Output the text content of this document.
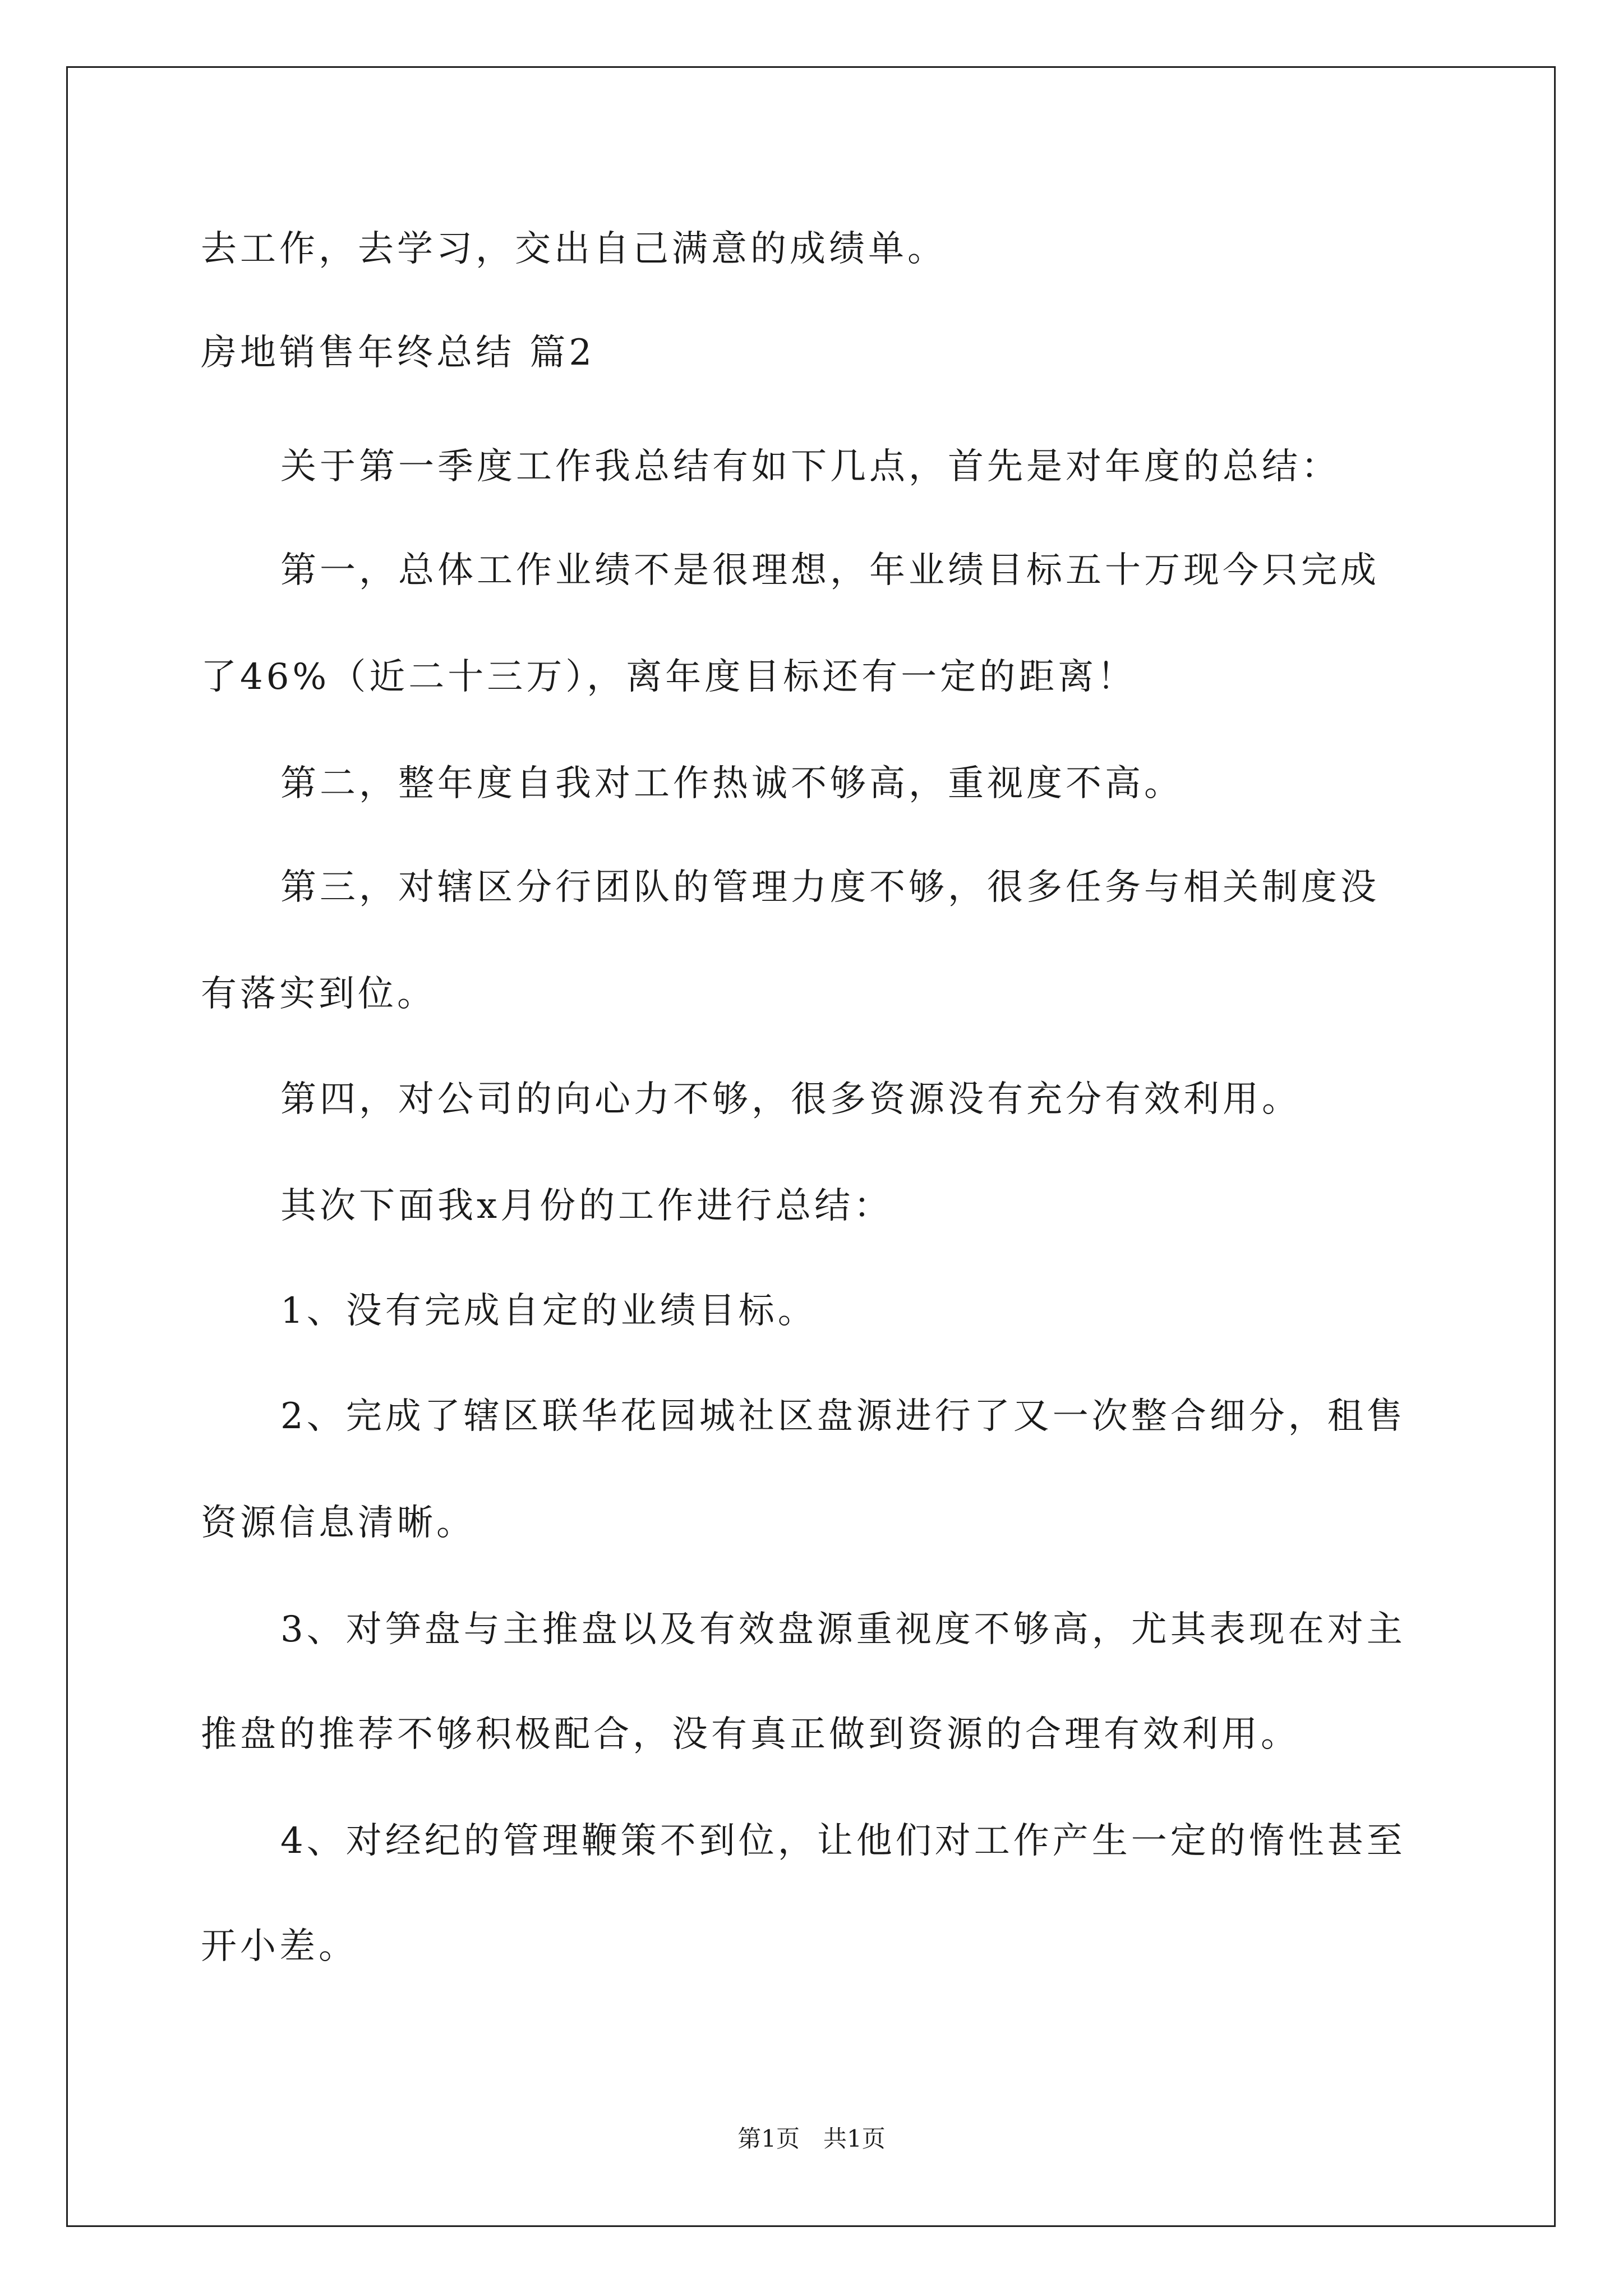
去工作，去学习，交出自己满意的成绩单。
房地销售年终总结 篇2
关于第一季度工作我总结有如下几点，首先是对年度的总结：
第一，总体工作业绩不是很理想，年业绩目标五十万现今只完成
了46%（近二十三万），离年度目标还有一定的距离！
第二，整年度自我对工作热诚不够高，重视度不高。
第三，对辖区分行团队的管理力度不够，很多任务与相关制度没
有落实到位。
第四，对公司的向心力不够，很多资源没有充分有效利用。
其次下面我x月份的工作进行总结：
1、没有完成自定的业绩目标。
2、完成了辖区联华花园城社区盘源进行了又一次整合细分，租售
资源信息清晰。
3、对笋盘与主推盘以及有效盘源重视度不够高，尤其表现在对主
推盘的推荐不够积极配合，没有真正做到资源的合理有效利用。
4、对经纪的管理鞭策不到位，让他们对工作产生一定的惰性甚至
开小差。
第1页　共1页
